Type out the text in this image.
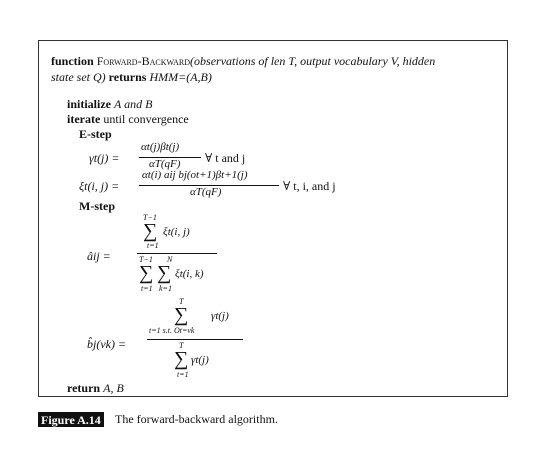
function Forward-Backward(observations of len T, output vocabulary V, hidden
state set Q) returns HMM=(A,B)
initialize A and B
iterate until convergence
E-step
γt(j) =
αt(j)βt(j)
αT(qF) ∀ t and j
ξt(i, j) =
αt(i) aij bj(ot+1)βt+1(j)
αT(qF)	∀ t, i, and j
M-step
âij =
T−1
∑
t=1
ξt(i, j)
T−1 N
∑ ∑
t=1 k=1
ξt(i, k)
b̂j(vk) =
T
∑
t=1 s.t. Ot=vk
γt(j)
T
∑
t=1
γt(j)
return A, B
Figure A.14 The forward-backward algorithm.
